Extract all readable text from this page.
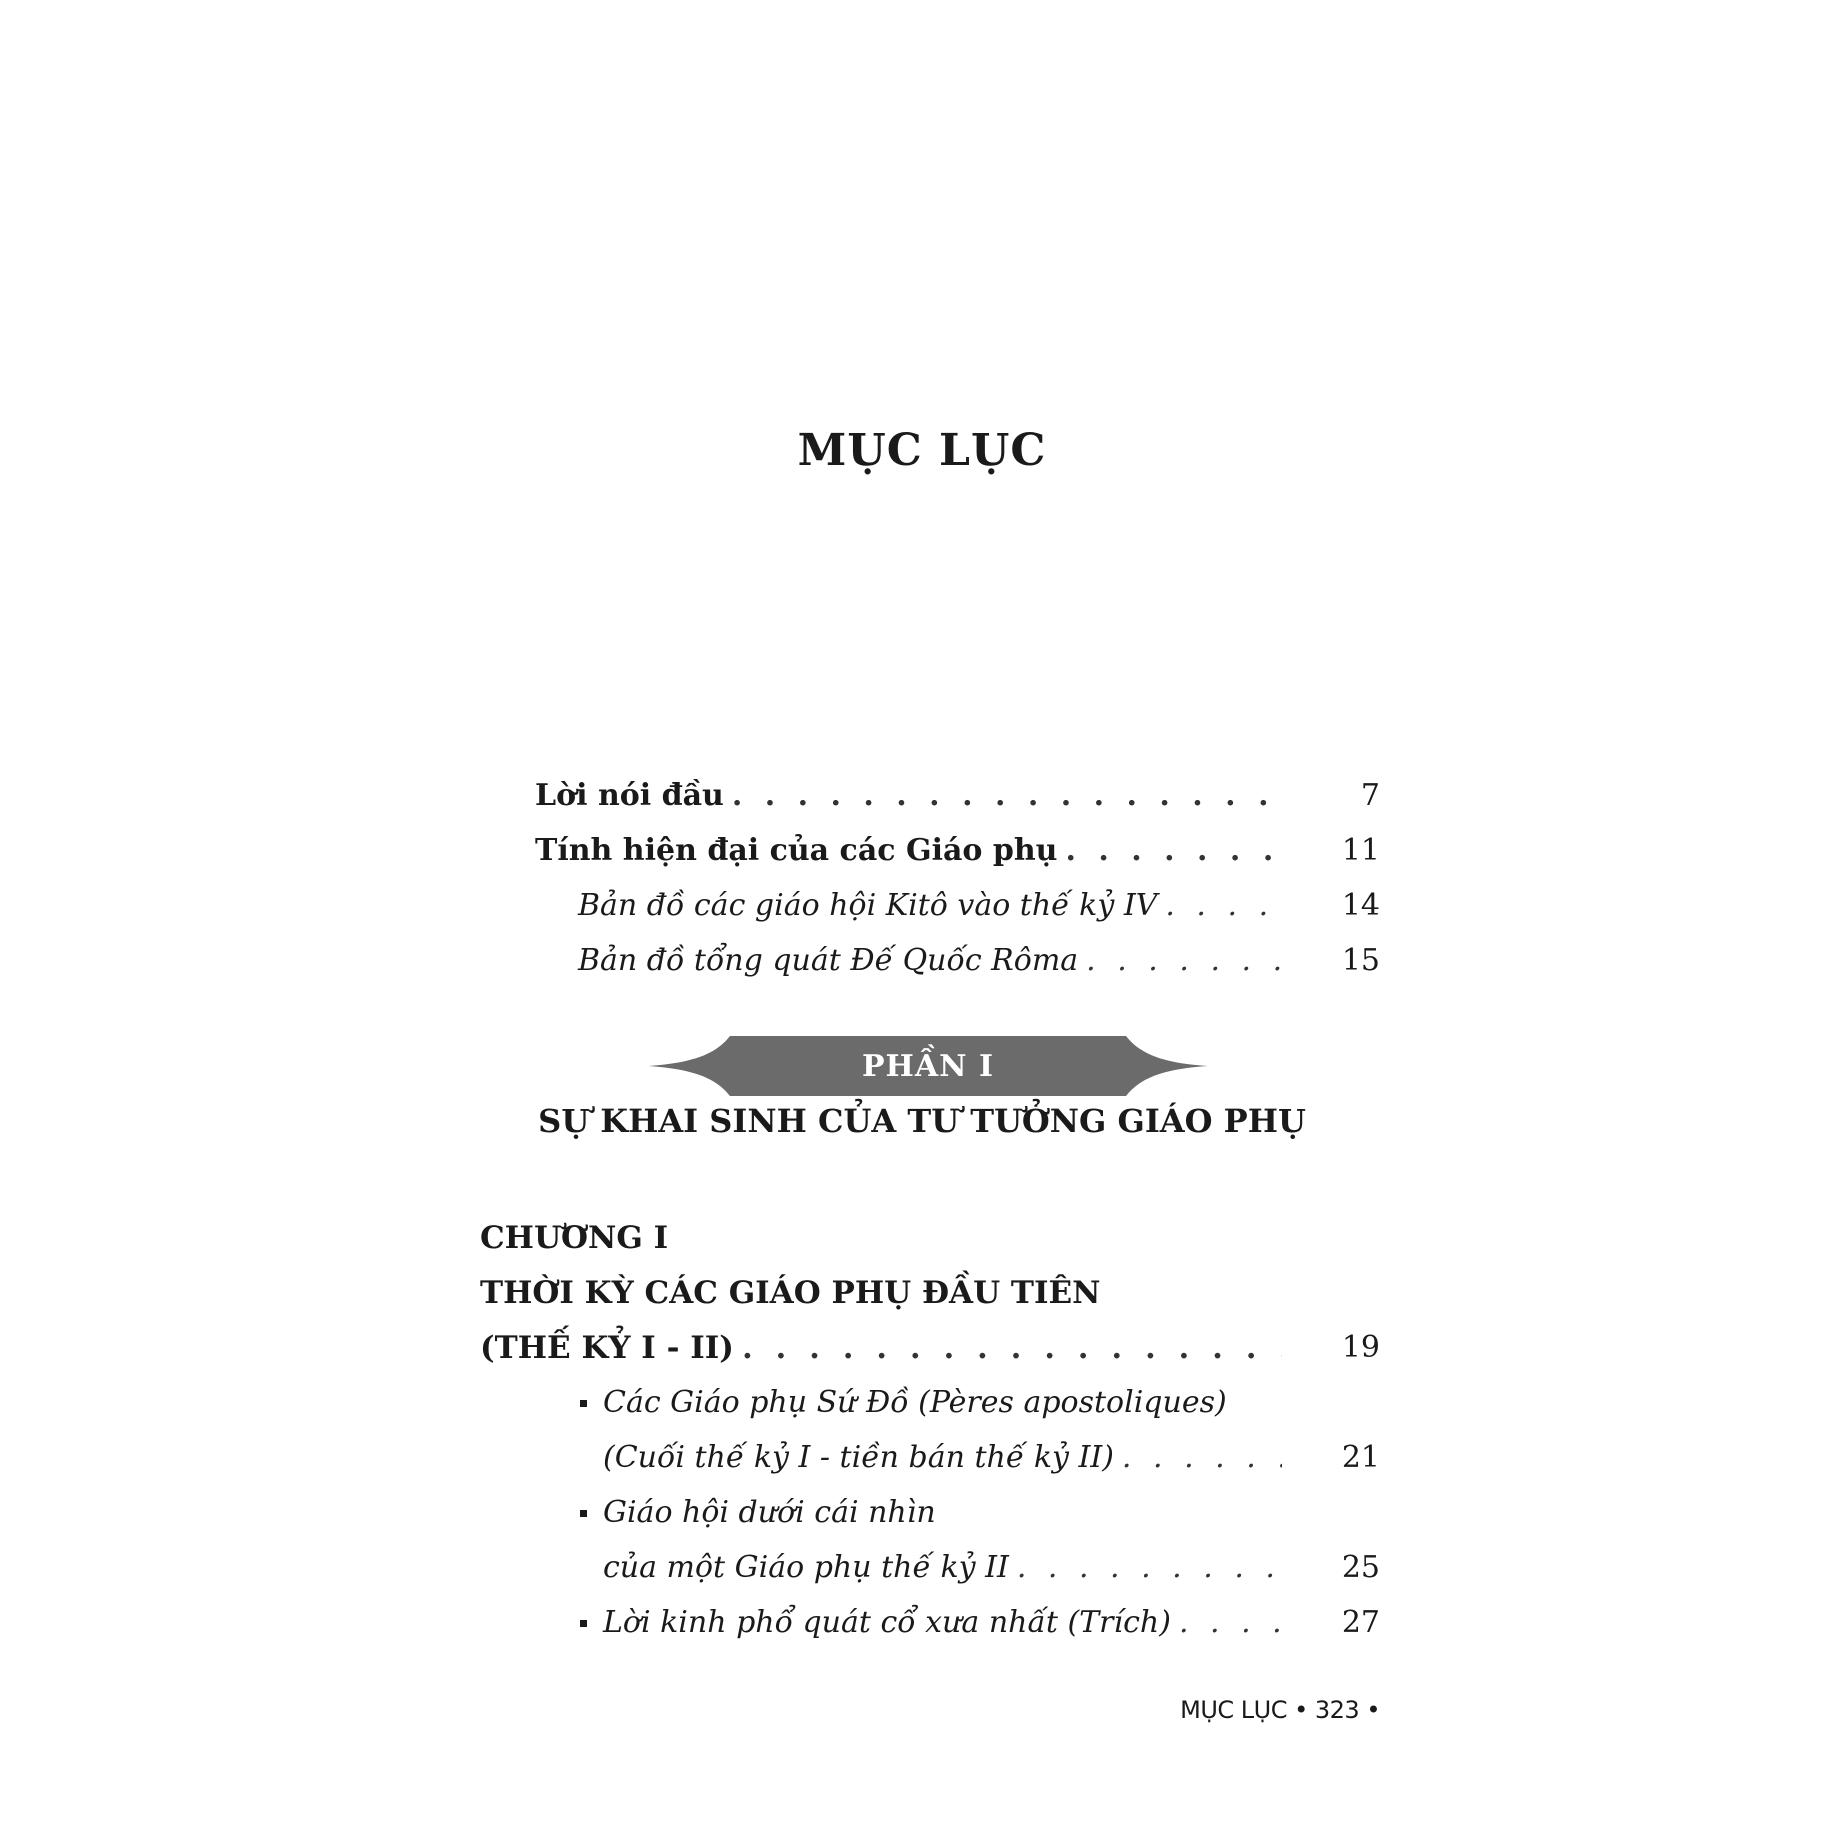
MỤC LỤC
Lời nói đầu . . .	7
Tính hiện đại của các Giáo phụ . . .	11
Bản đồ các giáo hội Kitô vào thế kỷ IV . . .	14
Bản đồ tổng quát Đế Quốc Rôma . . .	15
PHẦN I
SỰ KHAI SINH CỦA TƯ TƯỞNG GIÁO PHỤ
CHƯƠNG I
THỜI KỲ CÁC GIÁO PHỤ ĐẦU TIÊN
(THẾ KỶ I - II) . . .	19
Các Giáo phụ Sứ Đồ (Pères apostoliques)
(Cuối thế kỷ I - tiền bán thế kỷ II) . . .	21
Giáo hội dưới cái nhìn
của một Giáo phụ thế kỷ II . . .	25
Lời kinh phổ quát cổ xưa nhất (Trích) . . .	27
MỤC LỤC • 323 •
